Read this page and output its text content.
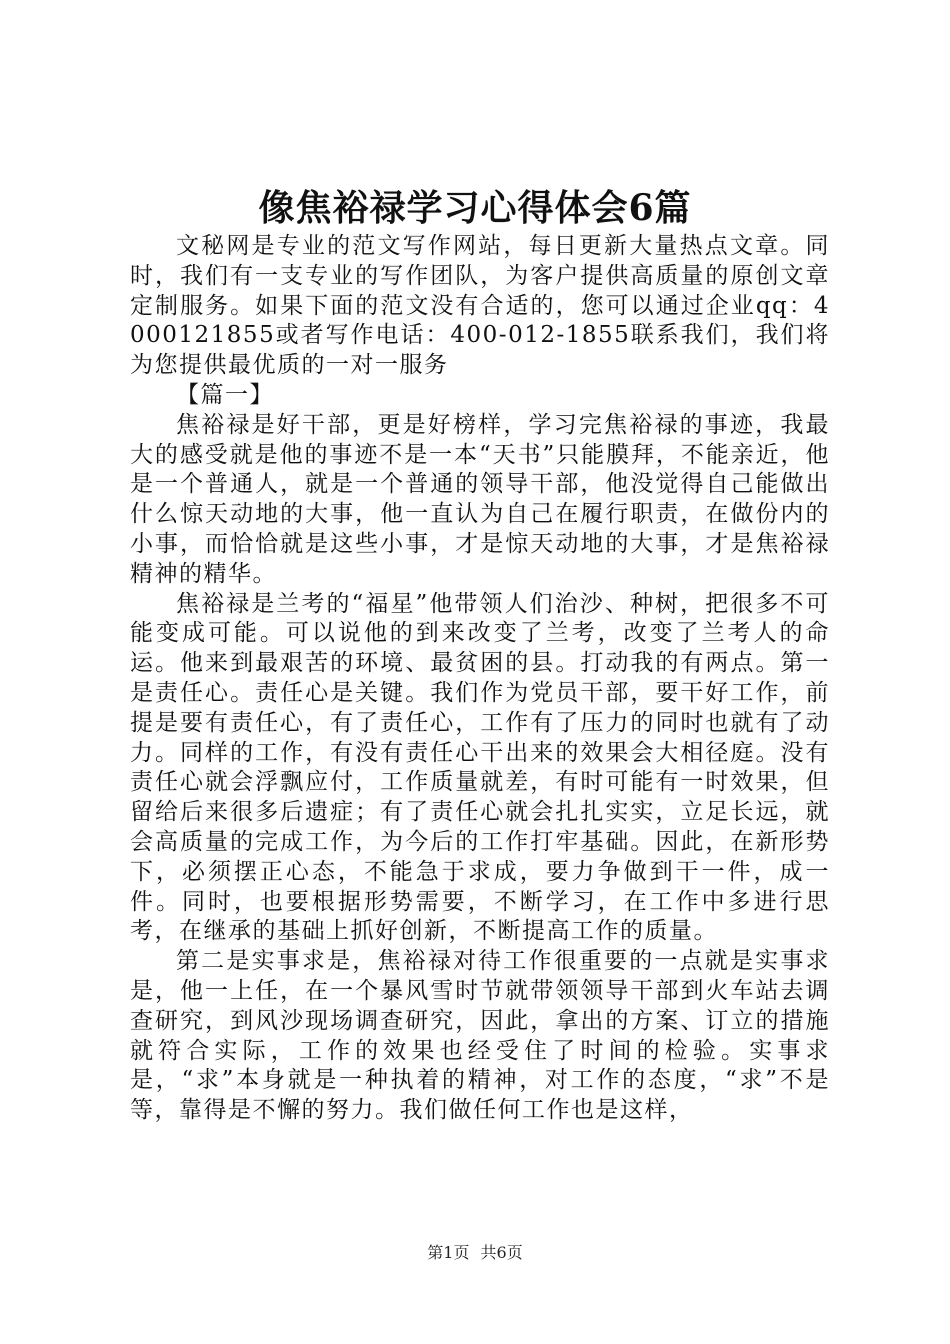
像焦裕禄学习心得体会6篇

文秘网是专业的范文写作网站，每日更新大量热点文章。同时，我们有一支专业的写作团队，为客户提供高质量的原创文章定制服务。如果下面的范文没有合适的，您可以通过企业qq：4000121855或者写作电话：400-012-1855联系我们，我们将为您提供最优质的一对一服务

【篇一】

焦裕禄是好干部，更是好榜样，学习完焦裕禄的事迹，我最大的感受就是他的事迹不是一本“天书”只能膜拜，不能亲近，他是一个普通人，就是一个普通的领导干部，他没觉得自己能做出什么惊天动地的大事，他一直认为自己在履行职责，在做份内的小事，而恰恰就是这些小事，才是惊天动地的大事，才是焦裕禄精神的精华。

焦裕禄是兰考的“福星”他带领人们治沙、种树，把很多不可能变成可能。可以说他的到来改变了兰考，改变了兰考人的命运。他来到最艰苦的环境、最贫困的县。打动我的有两点。第一是责任心。责任心是关键。我们作为党员干部，要干好工作，前提是要有责任心，有了责任心，工作有了压力的同时也就有了动力。同样的工作，有没有责任心干出来的效果会大相径庭。没有责任心就会浮飘应付，工作质量就差，有时可能有一时效果，但留给后来很多后遗症；有了责任心就会扎扎实实，立足长远，就会高质量的完成工作，为今后的工作打牢基础。因此，在新形势下，必须摆正心态，不能急于求成，要力争做到干一件，成一件。同时，也要根据形势需要，不断学习，在工作中多进行思考，在继承的基础上抓好创新，不断提高工作的质量。

第二是实事求是，焦裕禄对待工作很重要的一点就是实事求是，他一上任，在一个暴风雪时节就带领领导干部到火车站去调查研究，到风沙现场调查研究，因此，拿出的方案、订立的措施就符合实际，工作的效果也经受住了时间的检验。实事求是，“求”本身就是一种执着的精神，对工作的态度，“求”不是等，靠得是不懈的努力。我们做任何工作也是这样，

第1页 共6页
